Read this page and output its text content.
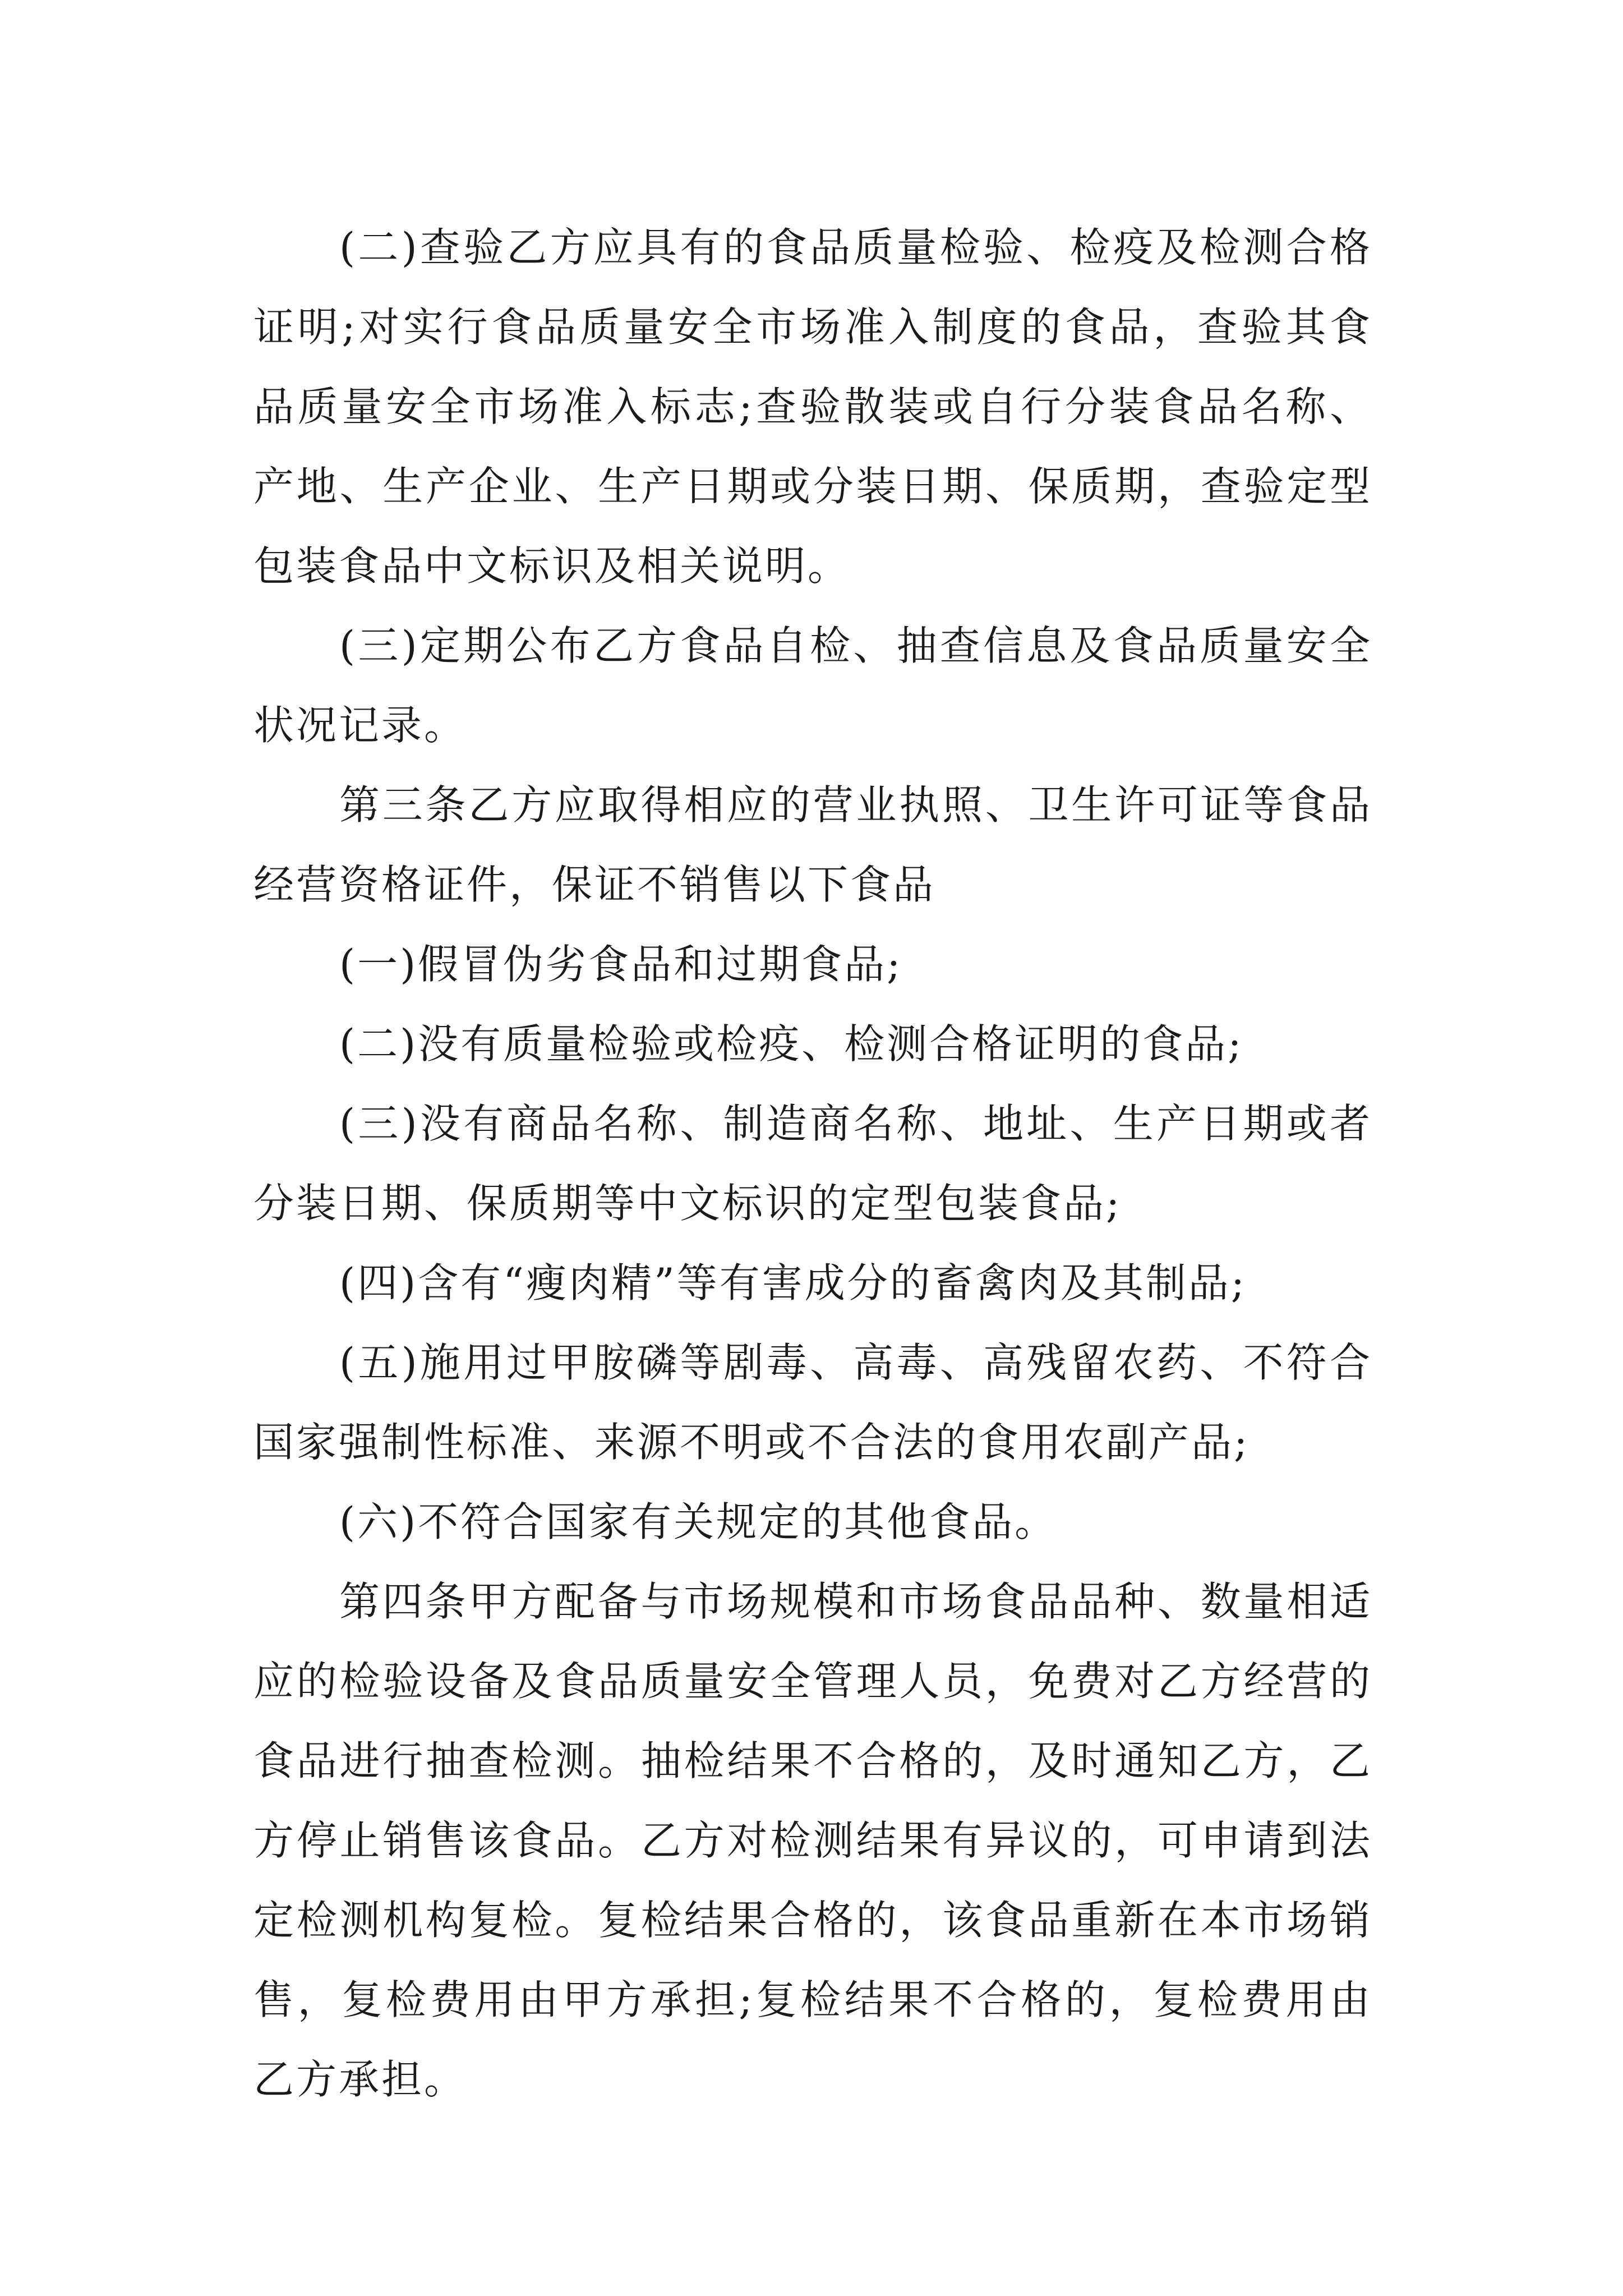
(二)查验乙方应具有的食品质量检验、检疫及检测合格证明;对实行食品质量安全市场准入制度的食品，查验其食品质量安全市场准入标志;查验散装或自行分装食品名称、产地、生产企业、生产日期或分装日期、保质期，查验定型包装食品中文标识及相关说明。

(三)定期公布乙方食品自检、抽查信息及食品质量安全状况记录。

第三条乙方应取得相应的营业执照、卫生许可证等食品经营资格证件，保证不销售以下食品

(一)假冒伪劣食品和过期食品;

(二)没有质量检验或检疫、检测合格证明的食品;

(三)没有商品名称、制造商名称、地址、生产日期或者分装日期、保质期等中文标识的定型包装食品;

(四)含有“瘦肉精”等有害成分的畜禽肉及其制品;

(五)施用过甲胺磷等剧毒、高毒、高残留农药、不符合国家强制性标准、来源不明或不合法的食用农副产品;

(六)不符合国家有关规定的其他食品。

第四条甲方配备与市场规模和市场食品品种、数量相适应的检验设备及食品质量安全管理人员，免费对乙方经营的食品进行抽查检测。抽检结果不合格的，及时通知乙方，乙方停止销售该食品。乙方对检测结果有异议的，可申请到法定检测机构复检。复检结果合格的，该食品重新在本市场销售，复检费用由甲方承担;复检结果不合格的，复检费用由乙方承担。
